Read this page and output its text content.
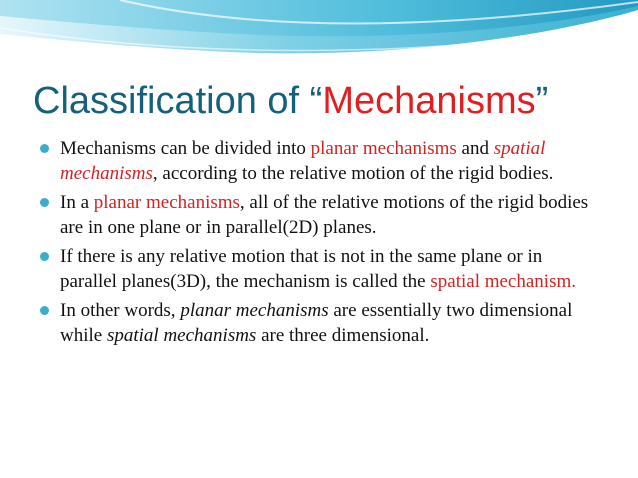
Classification of “Mechanisms”
Mechanisms can be divided into planar mechanisms and spatial mechanisms, according to the relative motion of the rigid bodies.
In a planar mechanisms, all of the relative motions of the rigid bodies are in one plane or in parallel(2D) planes.
If there is any relative motion that is not in the same plane or in parallel planes(3D), the mechanism is called the spatial mechanism.
In other words, planar mechanisms are essentially two dimensional while spatial mechanisms are three dimensional.
